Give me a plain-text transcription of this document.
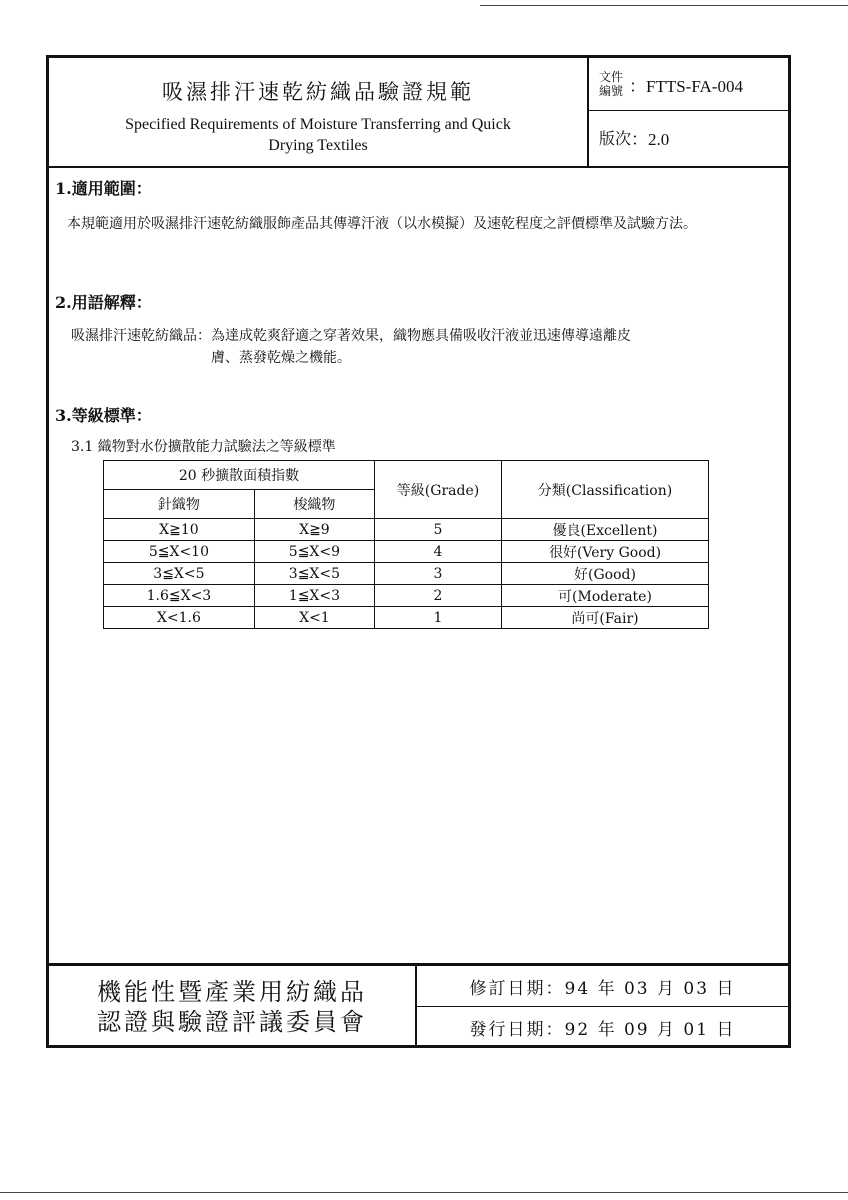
吸濕排汗速乾紡織品驗證規範
Specified Requirements of Moisture Transferring and Quick
Drying Textiles
文件編號 ：FTTS-FA-004
版次 ：2.0
1.適用範圍：
本規範適用於吸濕排汗速乾紡織服飾產品其傳導汗液（以水模擬）及速乾程度之評價標準及試驗方法。
2.用語解釋：
吸濕排汗速乾紡織品： 為達成乾爽舒適之穿著效果，織物應具備吸收汗液並迅速傳導遠離皮
膚、蒸發乾燥之機能。
3.等級標準：
3.1 織物對水份擴散能力試驗法之等級標準
20 秒擴散面積指數		等級(Grade)	分類(Classification)
針織物	梭織物		
X≧10	X≧9	5	優良(Excellent)
5≦X<10	5≦X<9	4	很好(Very Good)
3≦X<5	3≦X<5	3	好(Good)
1.6≦X<3	1≦X<3	2	可(Moderate)
X<1.6	X<1	1	尚可(Fair)
機能性暨產業用紡織品
認證與驗證評議委員會
修訂日期：94 年 03 月 03 日
發行日期：92 年 09 月 01 日
